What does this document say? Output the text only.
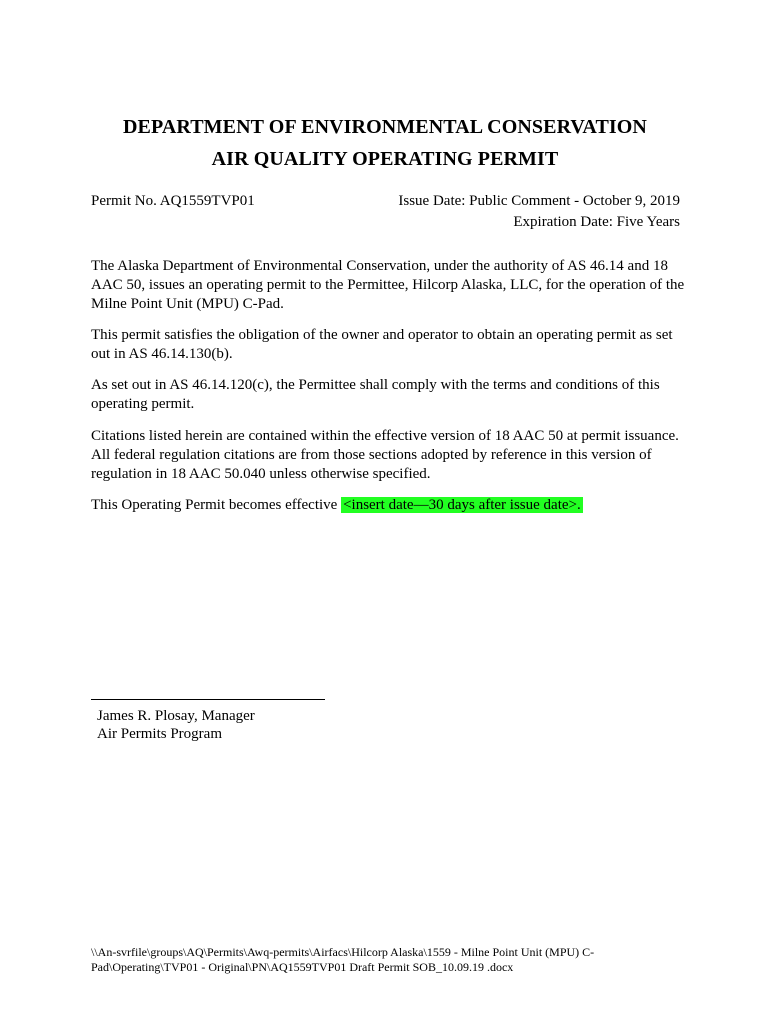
DEPARTMENT OF ENVIRONMENTAL CONSERVATION
AIR QUALITY OPERATING PERMIT
Permit No. AQ1559TVP01	Issue Date: Public Comment - October 9, 2019
Expiration Date: Five Years
The Alaska Department of Environmental Conservation, under the authority of AS 46.14 and 18 AAC 50, issues an operating permit to the Permittee, Hilcorp Alaska, LLC, for the operation of the Milne Point Unit (MPU) C-Pad.
This permit satisfies the obligation of the owner and operator to obtain an operating permit as set out in AS 46.14.130(b).
As set out in AS 46.14.120(c), the Permittee shall comply with the terms and conditions of this operating permit.
Citations listed herein are contained within the effective version of 18 AAC 50 at permit issuance. All federal regulation citations are from those sections adopted by reference in this version of regulation in 18 AAC 50.040 unless otherwise specified.
This Operating Permit becomes effective <insert date—30 days after issue date>.
James R. Plosay, Manager
Air Permits Program
\\An-svrfile\groups\AQ\Permits\Awq-permits\Airfacs\Hilcorp Alaska\1559 - Milne Point Unit (MPU) C-Pad\Operating\TVP01 - Original\PN\AQ1559TVP01 Draft Permit SOB_10.09.19 .docx
